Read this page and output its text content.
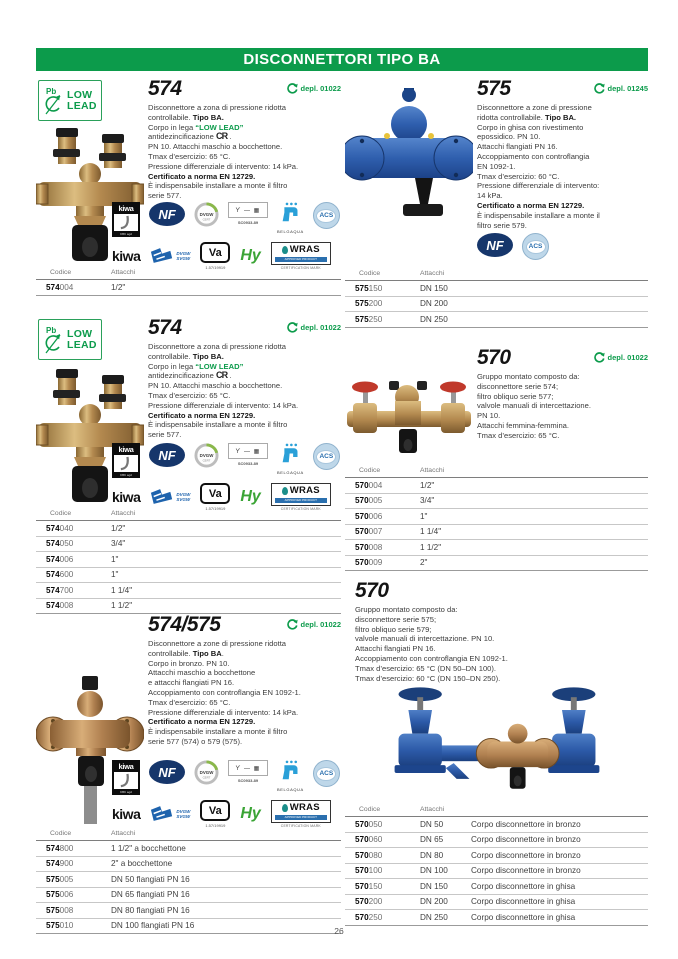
DISCONNETTORI TIPO BA
Pb LOW
LEAD
574	depl. 01022
Disconnettore a zona di pressione ridotta
controllabile. Tipo BA.
Corpo in lega “LOW LEAD”
antidezincificazione CR .
PN 10. Attacchi maschio a bocchettone.
Tmax d’esercizio: 65 °C.
Pressione differenziale di intervento: 14 kPa.
Certificato a norma EN 12729.
È indispensabile installare a monte il filtro
serie 577.
kiwa
KBK agd
NF	DVGW
CERT
Ƴ — ▦
SC0933-89
BELGAQUA
ACS
kiwa	DVGW
SVGW	Va
1.57/19919
Hy	WRAS
APPROVED PRODUCT
CERTIFICATION MARK
Codice	Attacchi
574004	1/2"
Pb LOW
LEAD
574	depl. 01022
Disconnettore a zona di pressione ridotta
controllabile. Tipo BA.
Corpo in lega “LOW LEAD”
antidezincificazione CR .
PN 10. Attacchi maschio a bocchettone.
Tmax d’esercizio: 65 °C.
Pressione differenziale di intervento: 14 kPa.
Certificato a norma EN 12729.
È indispensabile installare a monte il filtro
serie 577.
kiwa
KBK agd
NF	DVGW
CERT
Ƴ — ▦
SC0933-89
BELGAQUA
ACS
kiwa	DVGW
SVGW	Va
1.57/19919
Hy	WRAS
APPROVED PRODUCT
CERTIFICATION MARK
Codice	Attacchi
574040	1/2"
574050	3/4"
574006	1"
574600	1"
574700	1 1/4"
574008	1 1/2"
574/575	depl. 01022
Disconnettore a zone di pressione ridotta
controllabile. Tipo BA.
Corpo in bronzo. PN 10.
Attacchi maschio a bocchettone
e attacchi flangiati PN 16.
Accoppiamento con controflangia EN 1092-1.
Tmax d’esercizio: 65 °C.
Pressione differenziale di intervento: 14 kPa.
Certificato a norma EN 12729.
È indispensabile installare a monte il filtro
serie 577 (574) o 579 (575).
kiwa
KBK agd
NF	DVGW
CERT
Ƴ — ▦
SC0933-89
BELGAQUA
ACS
kiwa	DVGW
SVGW	Va
1.57/19919
Hy	WRAS
APPROVED PRODUCT
CERTIFICATION MARK
Codice	Attacchi
574800	1 1/2" a bocchettone
574900	2" a bocchettone
575005	DN 50 flangiati PN 16
575006	DN 65 flangiati PN 16
575008	DN 80 flangiati PN 16
575010	DN 100 flangiati PN 16
575	depl. 01245
Disconnettore a zone di pressione
ridotta controllabile. Tipo BA.
Corpo in ghisa con rivestimento
epossidico. PN 10.
Attacchi flangiati PN 16.
Accoppiamento con controflangia
EN 1092-1.
Tmax d’esercizio: 60 °C.
Pressione differenziale di intervento:
14 kPa.
Certificato a norma EN 12729.
È indispensabile installare a monte il
filtro serie 579.
NF	ACS
Codice	Attacchi
575150	DN 150
575200	DN 200
575250	DN 250
570	depl. 01022
Gruppo montato composto da:
disconnettore serie 574;
filtro obliquo serie 577;
valvole manuali di intercettazione.
PN 10.
Attacchi femmina-femmina.
Tmax d’esercizio: 65 °C.
Codice	Attacchi
570004	1/2"
570005	3/4"
570006	1"
570007	1 1/4"
570008	1 1/2"
570009	2"
570
Gruppo montato composto da:
disconnettore serie 575;
filtro obliquo serie 579;
valvole manuali di intercettazione. PN 10.
Attacchi flangiati PN 16.
Accoppiamento con controflangia EN 1092-1.
Tmax d’esercizio: 65 °C (DN 50–DN 100).
Tmax d’esercizio: 60 °C (DN 150–DN 250).
Codice	Attacchi
570050	DN 50	Corpo disconnettore in bronzo
570060	DN 65	Corpo disconnettore in bronzo
570080	DN 80	Corpo disconnettore in bronzo
570100	DN 100	Corpo disconnettore in bronzo
570150	DN 150	Corpo disconnettore in ghisa
570200	DN 200	Corpo disconnettore in ghisa
570250	DN 250	Corpo disconnettore in ghisa
26
